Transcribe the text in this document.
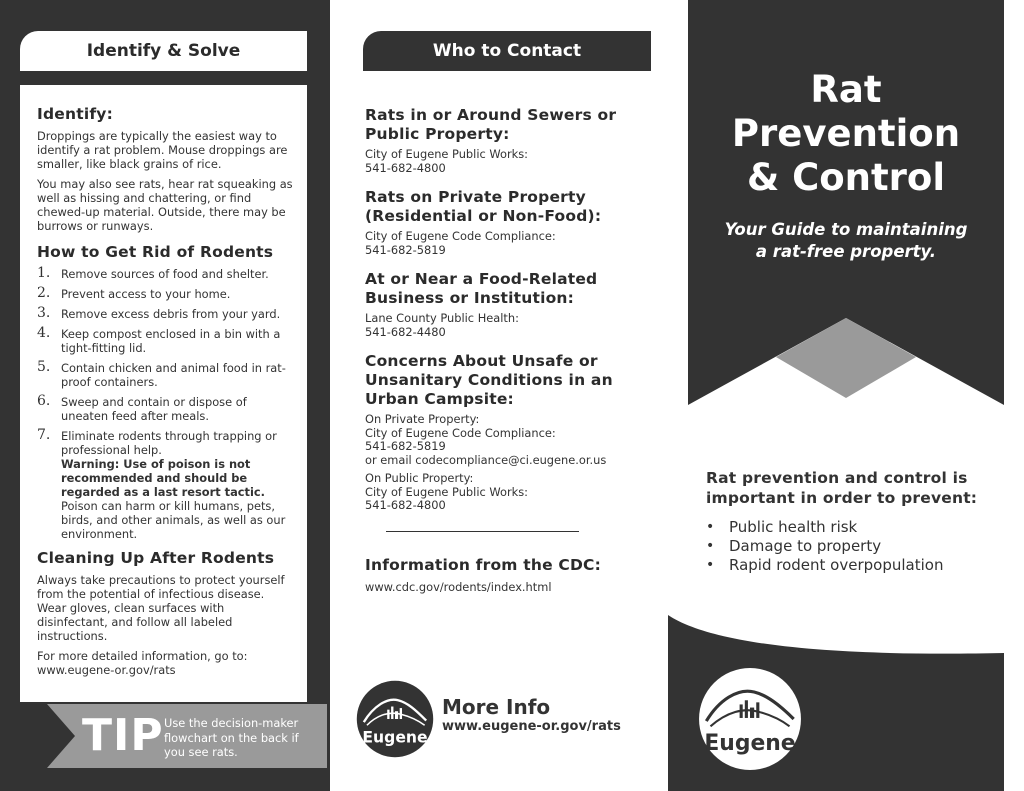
Identify & Solve
Identify:
Droppings are typically the easiest way to identify a rat problem. Mouse droppings are smaller, like black grains of rice.
You may also see rats, hear rat squeaking as well as hissing and chattering, or find chewed-up material. Outside, there may be burrows or runways.
How to Get Rid of Rodents
1. Remove sources of food and shelter.
2. Prevent access to your home.
3. Remove excess debris from your yard.
4. Keep compost enclosed in a bin with a tight-fitting lid.
5. Contain chicken and animal food in rat-proof containers.
6. Sweep and contain or dispose of uneaten feed after meals.
7. Eliminate rodents through trapping or professional help.
Warning: Use of poison is not recommended and should be regarded as a last resort tactic. Poison can harm or kill humans, pets, birds, and other animals, as well as our environment.
Cleaning Up After Rodents
Always take precautions to protect yourself from the potential of infectious disease. Wear gloves, clean surfaces with disinfectant, and follow all labeled instructions.
For more detailed information, go to:
www.eugene-or.gov/rats
TIP Use the decision-maker flowchart on the back if you see rats.
Who to Contact
Rats in or Around Sewers or Public Property:
City of Eugene Public Works:
541-682-4800
Rats on Private Property (Residential or Non-Food):
City of Eugene Code Compliance:
541-682-5819
At or Near a Food-Related Business or Institution:
Lane County Public Health:
541-682-4480
Concerns About Unsafe or Unsanitary Conditions in an Urban Campsite:
On Private Property:
City of Eugene Code Compliance:
541-682-5819
or email codecompliance@ci.eugene.or.us
On Public Property:
City of Eugene Public Works:
541-682-4800
Information from the CDC:
www.cdc.gov/rodents/index.html
Eugene
More Info
www.eugene-or.gov/rats
Rat
Prevention
& Control
Your Guide to maintaining
a rat-free property.
Rat prevention and control is important in order to prevent:
• Public health risk
• Damage to property
• Rapid rodent overpopulation
Eugene
